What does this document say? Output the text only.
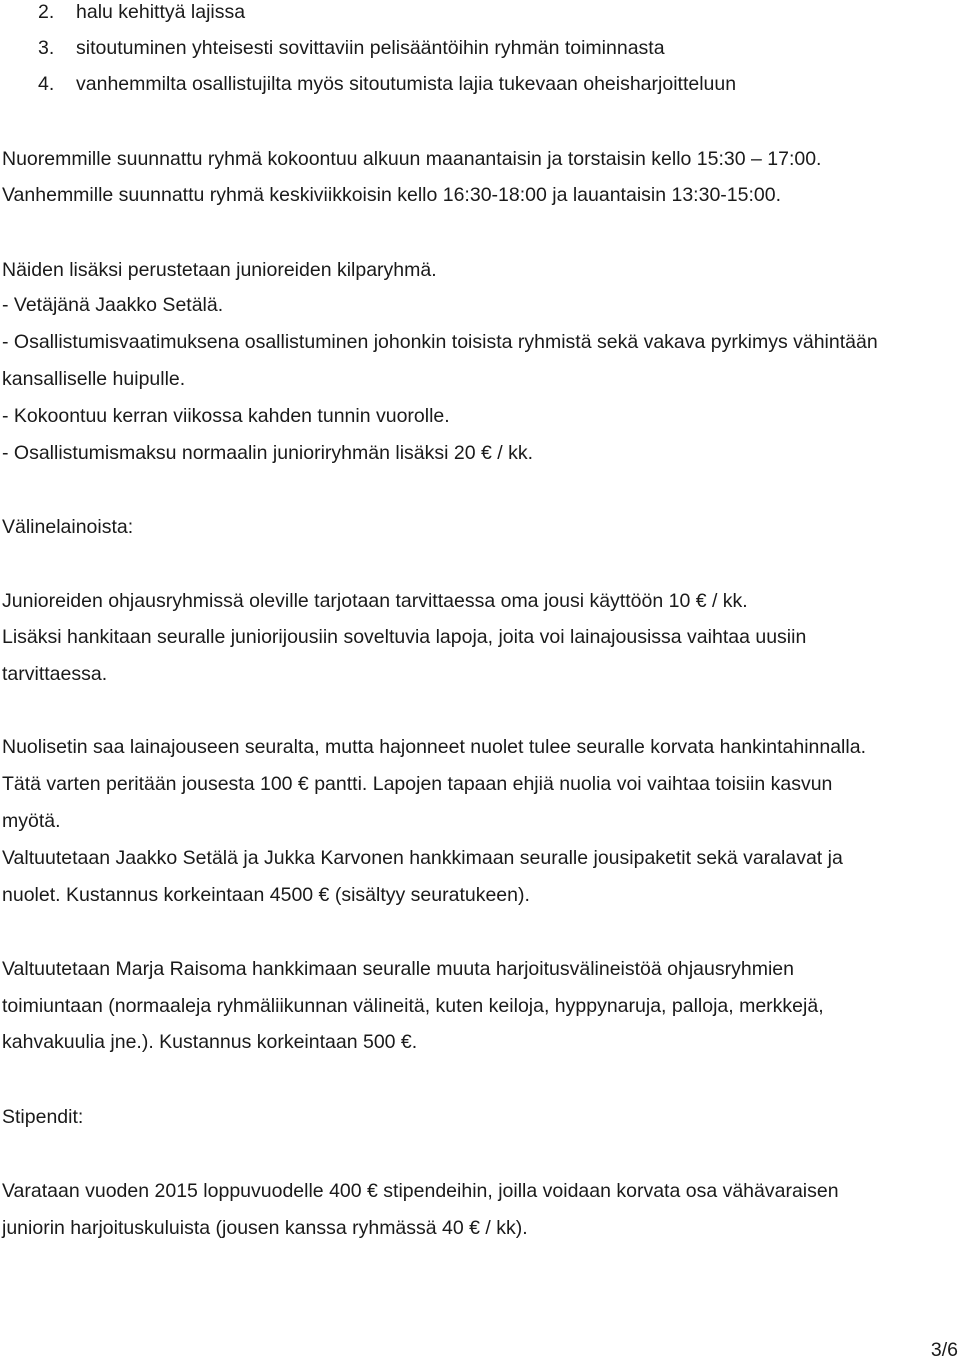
2. halu kehittyä lajissa
3. sitoutuminen yhteisesti sovittaviin pelisääntöihin ryhmän toiminnasta
4. vanhemmilta osallistujilta myös sitoutumista lajia tukevaan oheisharjoitteluun
Nuoremmille suunnattu ryhmä kokoontuu alkuun maanantaisin ja torstaisin kello 15:30 – 17:00.
Vanhemmille suunnattu ryhmä keskiviikkoisin kello 16:30-18:00 ja lauantaisin 13:30-15:00.
Näiden lisäksi perustetaan junioreiden kilparyhmä.
- Vetäjänä Jaakko Setälä.
- Osallistumisvaatimuksena osallistuminen johonkin toisista ryhmistä sekä vakava pyrkimys vähintään
kansalliselle huipulle.
- Kokoontuu kerran viikossa kahden tunnin vuorolle.
- Osallistumismaksu normaalin junioriryhmän lisäksi 20 € / kk.
Välinelainoista:
Junioreiden ohjausryhmissä oleville tarjotaan tarvittaessa oma jousi käyttöön 10 € / kk.
Lisäksi hankitaan seuralle juniorijousiin soveltuvia lapoja, joita voi lainajousissa vaihtaa uusiin
tarvittaessa.
Nuolisetin saa lainajouseen seuralta, mutta hajonneet nuolet tulee seuralle korvata hankintahinnalla.
Tätä varten peritään jousesta 100 € pantti. Lapojen tapaan ehjiä nuolia voi vaihtaa toisiin kasvun
myötä.
Valtuutetaan Jaakko Setälä ja Jukka Karvonen hankkimaan seuralle jousipaketit sekä varalavat ja
nuolet. Kustannus korkeintaan 4500 € (sisältyy seuratukeen).
Valtuutetaan Marja Raisoma hankkimaan seuralle muuta harjoitusvälineistöä ohjausryhmien
toimiuntaan (normaaleja ryhmäliikunnan välineitä, kuten keiloja, hyppynaruja, palloja, merkkejä,
kahvakuulia jne.). Kustannus korkeintaan 500 €.
Stipendit:
Varataan vuoden 2015 loppuvuodelle 400 € stipendeihin, joilla voidaan korvata osa vähävaraisen
juniorin harjoituskuluista (jousen kanssa ryhmässä 40 € / kk).
3/6
